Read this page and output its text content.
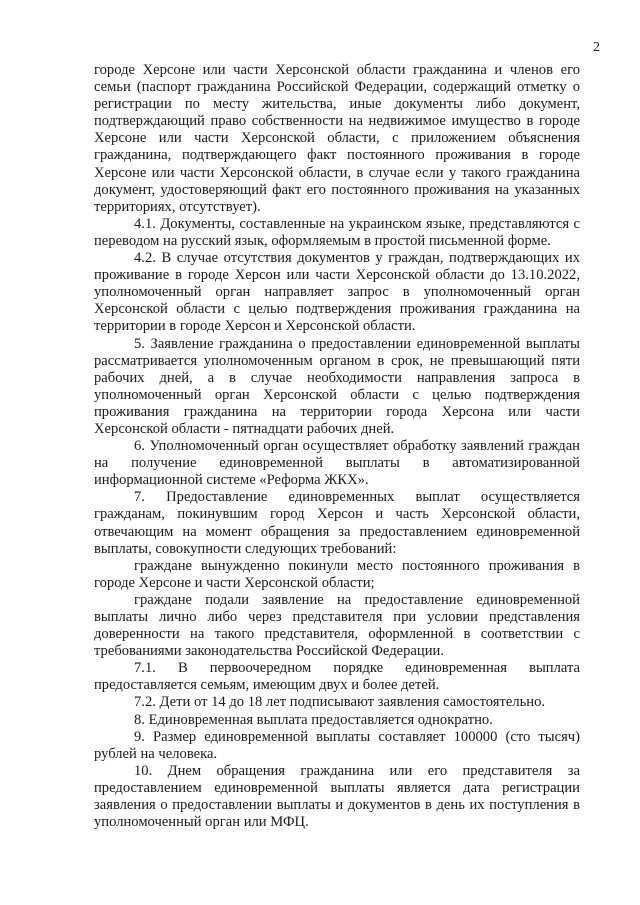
2

городе Херсоне или части Херсонской области гражданина и членов его семьи (паспорт гражданина Российской Федерации, содержащий отметку о регистрации по месту жительства, иные документы либо документ, подтверждающий право собственности на недвижимое имущество в городе Херсоне или части Херсонской области, с приложением объяснения гражданина, подтверждающего факт постоянного проживания в городе Херсоне или части Херсонской области, в случае если у такого гражданина документ, удостоверяющий факт его постоянного проживания на указанных территориях, отсутствует).

4.1. Документы, составленные на украинском языке, представляются с переводом на русский язык, оформляемым в простой письменной форме.

4.2. В случае отсутствия документов у граждан, подтверждающих их проживание в городе Херсон или части Херсонской области до 13.10.2022, уполномоченный орган направляет запрос в уполномоченный орган Херсонской области с целью подтверждения проживания гражданина на территории в городе Херсон и Херсонской области.

5. Заявление гражданина о предоставлении единовременной выплаты рассматривается уполномоченным органом в срок, не превышающий пяти рабочих дней, а в случае необходимости направления запроса в уполномоченный орган Херсонской области с целью подтверждения проживания гражданина на территории города Херсона или части Херсонской области - пятнадцати рабочих дней.

6. Уполномоченный орган осуществляет обработку заявлений граждан на получение единовременной выплаты в автоматизированной информационной системе «Реформа ЖКХ».

7. Предоставление единовременных выплат осуществляется гражданам, покинувшим город Херсон и часть Херсонской области, отвечающим на момент обращения за предоставлением единовременной выплаты, совокупности следующих требований:

граждане вынужденно покинули место постоянного проживания в городе Херсоне и части Херсонской области;

граждане подали заявление на предоставление единовременной выплаты лично либо через представителя при условии представления доверенности на такого представителя, оформленной в соответствии с требованиями законодательства Российской Федерации.

7.1. В первоочередном порядке единовременная выплата предоставляется семьям, имеющим двух и более детей.

7.2. Дети от 14 до 18 лет подписывают заявления самостоятельно.

8. Единовременная выплата предоставляется однократно.

9. Размер единовременной выплаты составляет 100000 (сто тысяч) рублей на человека.

10. Днем обращения гражданина или его представителя за предоставлением единовременной выплаты является дата регистрации заявления о предоставлении выплаты и документов в день их поступления в уполномоченный орган или МФЦ.
